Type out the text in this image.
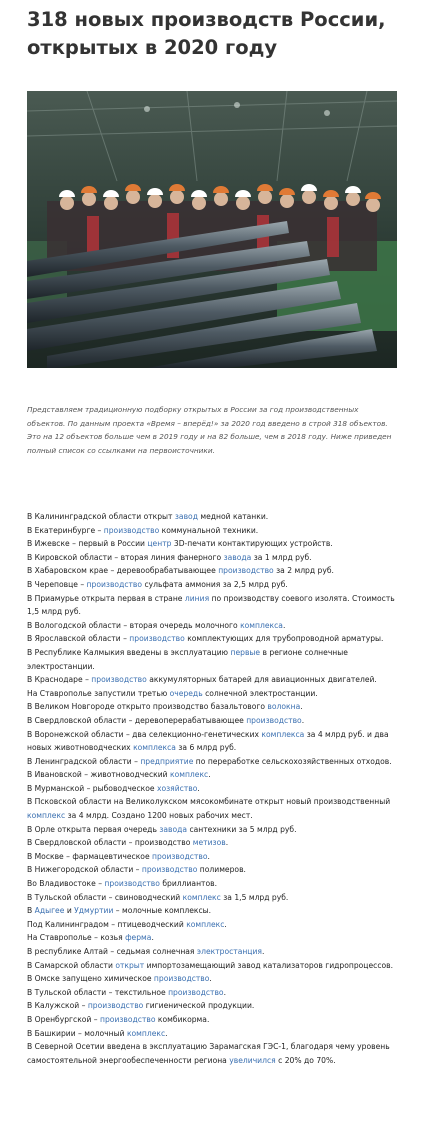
318 новых производств России, открытых в 2020 году

Представляем традиционную подборку открытых в России за год производственных объектов. По данным проекта «Время – вперёд!» за 2020 год введено в строй 318 объектов. Это на 12 объектов больше чем в 2019 году и на 82 больше, чем в 2018 году. Ниже приведен полный список со ссылками на первоисточники.

В Калининградской области открыт завод медной катанки.
В Екатеринбурге – производство коммунальной техники.
В Ижевске – первый в России центр 3D-печати контактирующих устройств.
В Кировской области – вторая линия фанерного завода за 1 млрд руб.
В Хабаровском крае – деревообрабатывающее производство за 2 млрд руб.
В Череповце – производство сульфата аммония за 2,5 млрд руб.
В Приамурье открыта первая в стране линия по производству соевого изолята. Стоимость 1,5 млрд руб.
В Вологодской области – вторая очередь молочного комплекса.
В Ярославской области – производство комплектующих для трубопроводной арматуры.
В Республике Калмыкия введены в эксплуатацию первые в регионе солнечные электростанции.
В Краснодаре – производство аккумуляторных батарей для авиационных двигателей.
На Ставрополье запустили третью очередь солнечной электростанции.
В Великом Новгороде открыто производство базальтового волокна.
В Свердловской области – деревоперерабатывающее производство.
В Воронежской области – два селекционно-генетических комплекса за 4 млрд руб. и два новых животноводческих комплекса за 6 млрд руб.
В Ленинградской области – предприятие по переработке сельскохозяйственных отходов.
В Ивановской – животноводческий комплекс.
В Мурманской – рыбоводческое хозяйство.
В Псковской области на Великолукском мясокомбинате открыт новый производственный комплекс за 4 млрд. Создано 1200 новых рабочих мест.
В Орле открыта первая очередь завода сантехники за 5 млрд руб.
В Свердловской области – производство метизов.
В Москве – фармацевтическое производство.
В Нижегородской области – производство полимеров.
Во Владивостоке – производство бриллиантов.
В Тульской области – свиноводческий комплекс за 1,5 млрд руб.
В Адыгее и Удмуртии – молочные комплексы.
Под Калининградом – птицеводческий комплекс.
На Ставрополье – козья ферма.
В республике Алтай – седьмая солнечная электростанция.
В Самарской области открыт импортозамещающий завод катализаторов гидропроцессов.
В Омске запущено химическое производство.
В Тульской области – текстильное производство.
В Калужской – производство гигиенической продукции.
В Оренбургской – производство комбикорма.
В Башкирии – молочный комплекс.
В Северной Осетии введена в эксплуатацию Зарамагская ГЭС-1, благодаря чему уровень самостоятельной энергообеспеченности региона увеличился с 20% до 70%.
